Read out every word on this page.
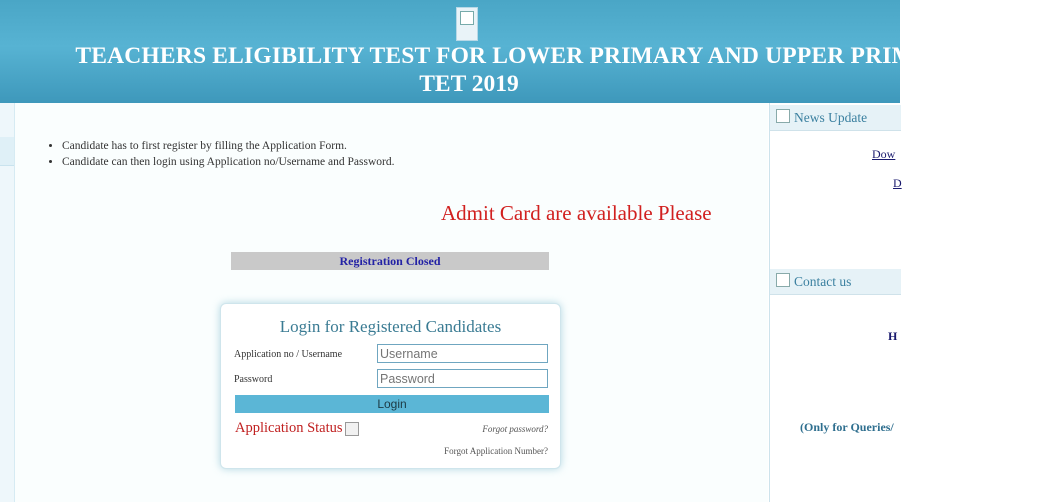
TEACHERS ELIGIBILITY TEST FOR LOWER PRIMARY AND UPPER PRIMARY
TET 2019
• Candidate has to first register by filling the Application Form.
• Candidate can then login using Application no/Username and Password.
Admit Card are available Please
Registration Closed
Login for Registered Candidates
Application no / Username
Username
Password
Login
Application Status	Forgot password?
Forgot Application Number?
News Update
Dow
D
Contact us
H
(Only for Queries/
